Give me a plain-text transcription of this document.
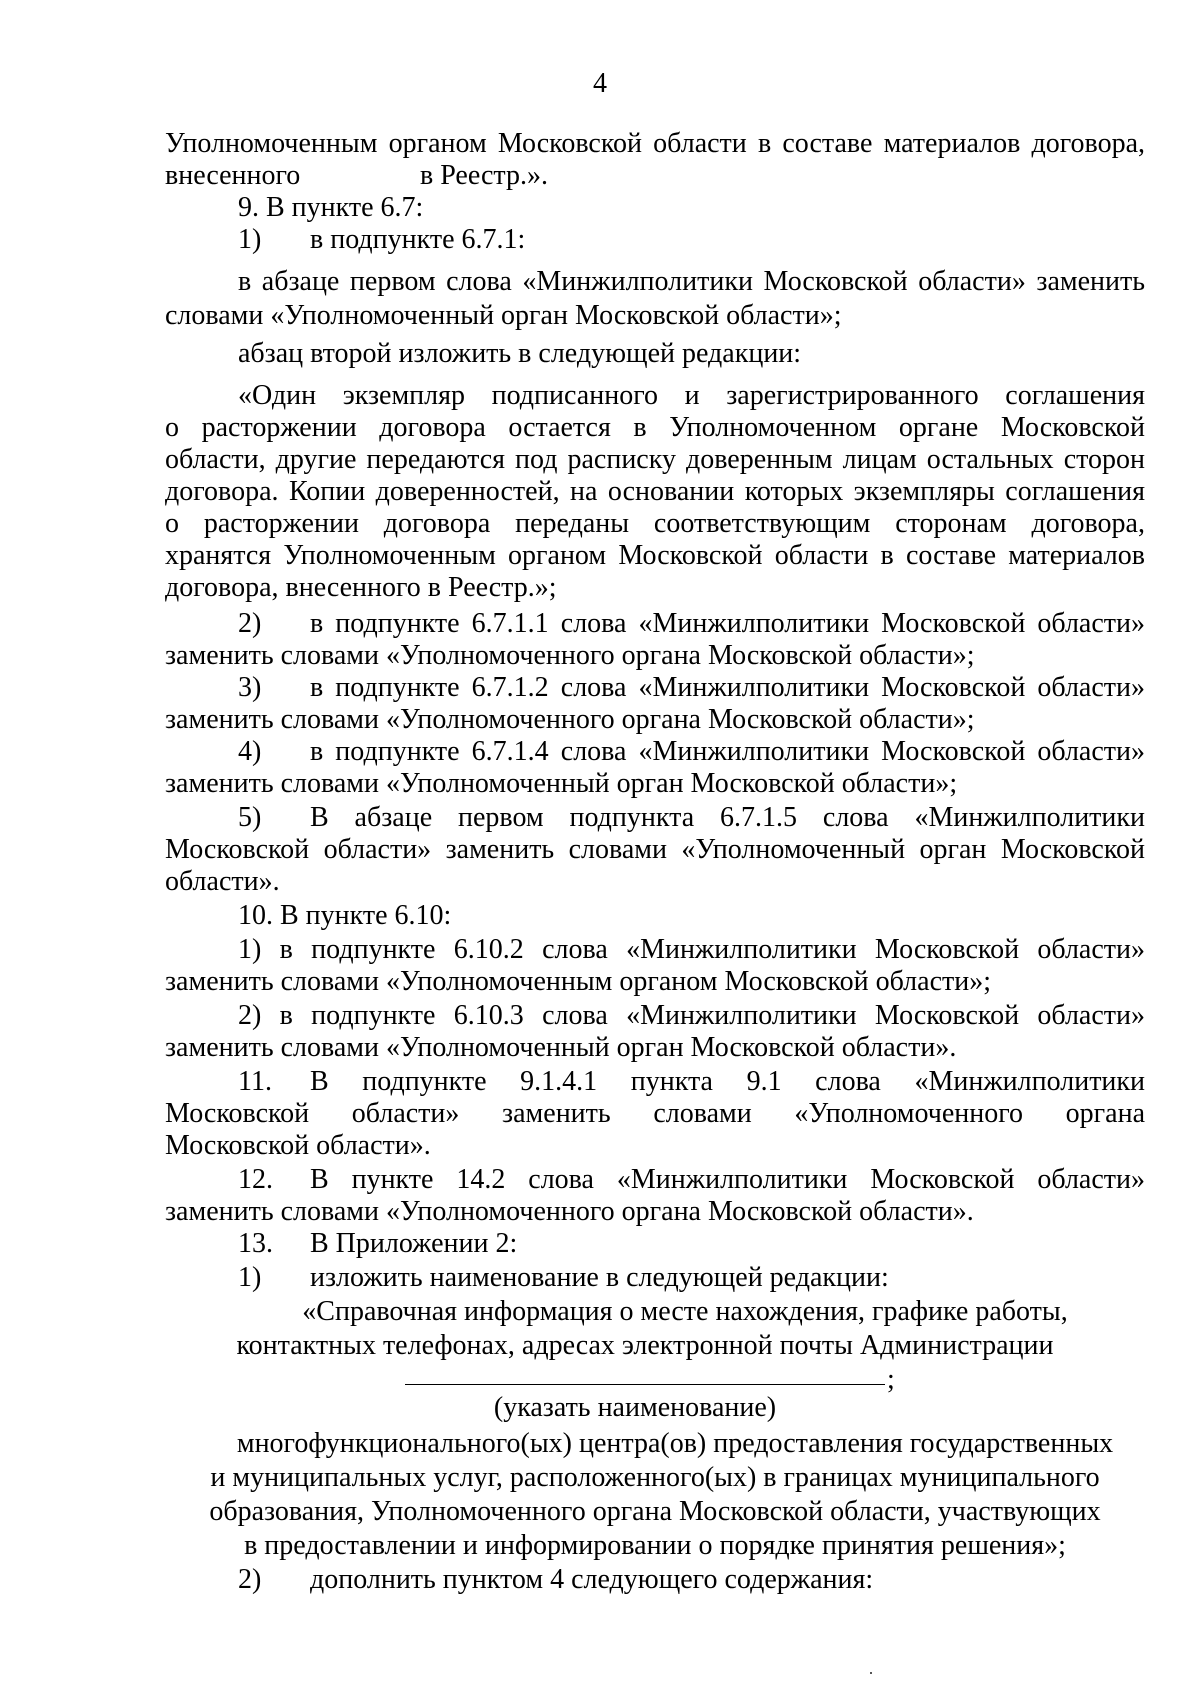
4
Уполномоченным органом Московской области в составе материалов договора,
внесенного	в Реестр.».
9. В пункте 6.7:
1) в подпункте 6.7.1:
в абзаце первом слова «Минжилполитики Московской области» заменить
словами «Уполномоченный орган Московской области»;
абзац второй изложить в следующей редакции:
«Один экземпляр подписанного и зарегистрированного соглашения
о расторжении договора остается в Уполномоченном органе Московской
области, другие передаются под расписку доверенным лицам остальных сторон
договора. Копии доверенностей, на основании которых экземпляры соглашения
о расторжении договора переданы соответствующим сторонам договора,
хранятся Уполномоченным органом Московской области в составе материалов
договора, внесенного в Реестр.»;
2) в подпункте 6.7.1.1 слова «Минжилполитики Московской области»
заменить словами «Уполномоченного органа Московской области»;
3) в подпункте 6.7.1.2 слова «Минжилполитики Московской области»
заменить словами «Уполномоченного органа Московской области»;
4) в подпункте 6.7.1.4 слова «Минжилполитики Московской области»
заменить словами «Уполномоченный орган Московской области»;
5) В абзаце первом подпункта 6.7.1.5 слова «Минжилполитики
Московской области» заменить словами «Уполномоченный орган Московской
области».
10. В пункте 6.10:
1) в подпункте 6.10.2 слова «Минжилполитики Московской области»
заменить словами «Уполномоченным органом Московской области»;
2) в подпункте 6.10.3 слова «Минжилполитики Московской области»
заменить словами «Уполномоченный орган Московской области».
11. В подпункте 9.1.4.1 пункта 9.1 слова «Минжилполитики
Московской области» заменить словами «Уполномоченного органа
Московской области».
12. В пункте 14.2 слова «Минжилполитики Московской области»
заменить словами «Уполномоченного органа Московской области».
13. В Приложении 2:
1) изложить наименование в следующей редакции:
«Справочная информация о месте нахождения, графике работы,
контактных телефонах, адресах электронной почты Администрации
;
(указать наименование)
многофункционального(ых) центра(ов) предоставления государственных
и муниципальных услуг, расположенного(ых) в границах муниципального
образования, Уполномоченного органа Московской области, участвующих
в предоставлении и информировании о порядке принятия решения»;
2) дополнить пунктом 4 следующего содержания:
